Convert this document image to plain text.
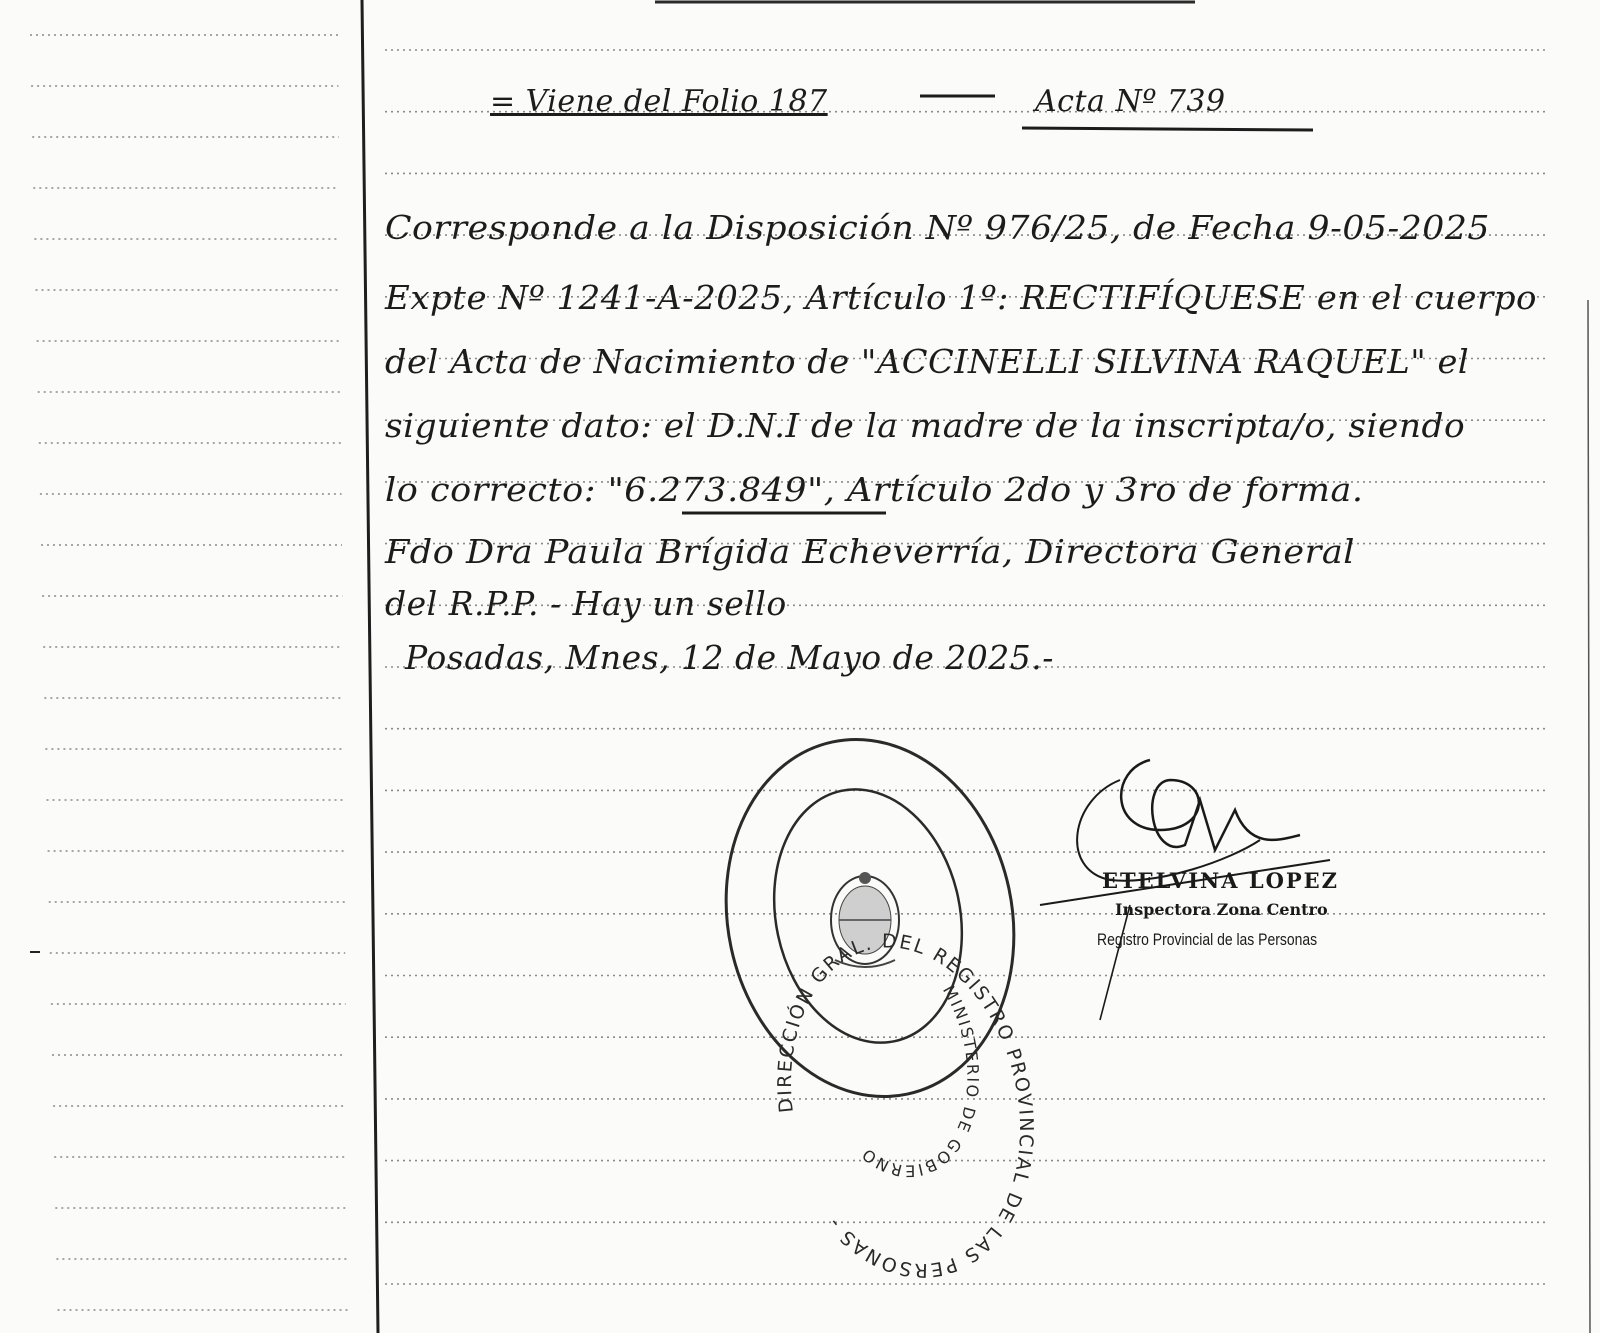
= Viene del Folio 187	Acta Nº 739
Corresponde a la Disposición Nº 976/25, de Fecha 9-05-2025
Expte Nº 1241-A-2025, Artículo 1º: RECTIFÍQUESE en el cuerpo
del Acta de Nacimiento de "ACCINELLI SILVINA RAQUEL" el
siguiente dato: el D.N.I de la madre de la inscripta/o, siendo
lo correcto: "6.273.849", Artículo 2do y 3ro de forma.
Fdo Dra Paula Brígida Echeverría, Directora General
del R.P.P. - Hay un sello
Posadas, Mnes, 12 de Mayo de 2025.-
DIRECCIÓN GRAL. DEL REGISTRO PROVINCIAL DE LAS PERSONAS -
MINISTERIO DE GOBIERNO
ETELVINA LOPEZ
Inspectora Zona Centro
Registro Provincial de las Personas
